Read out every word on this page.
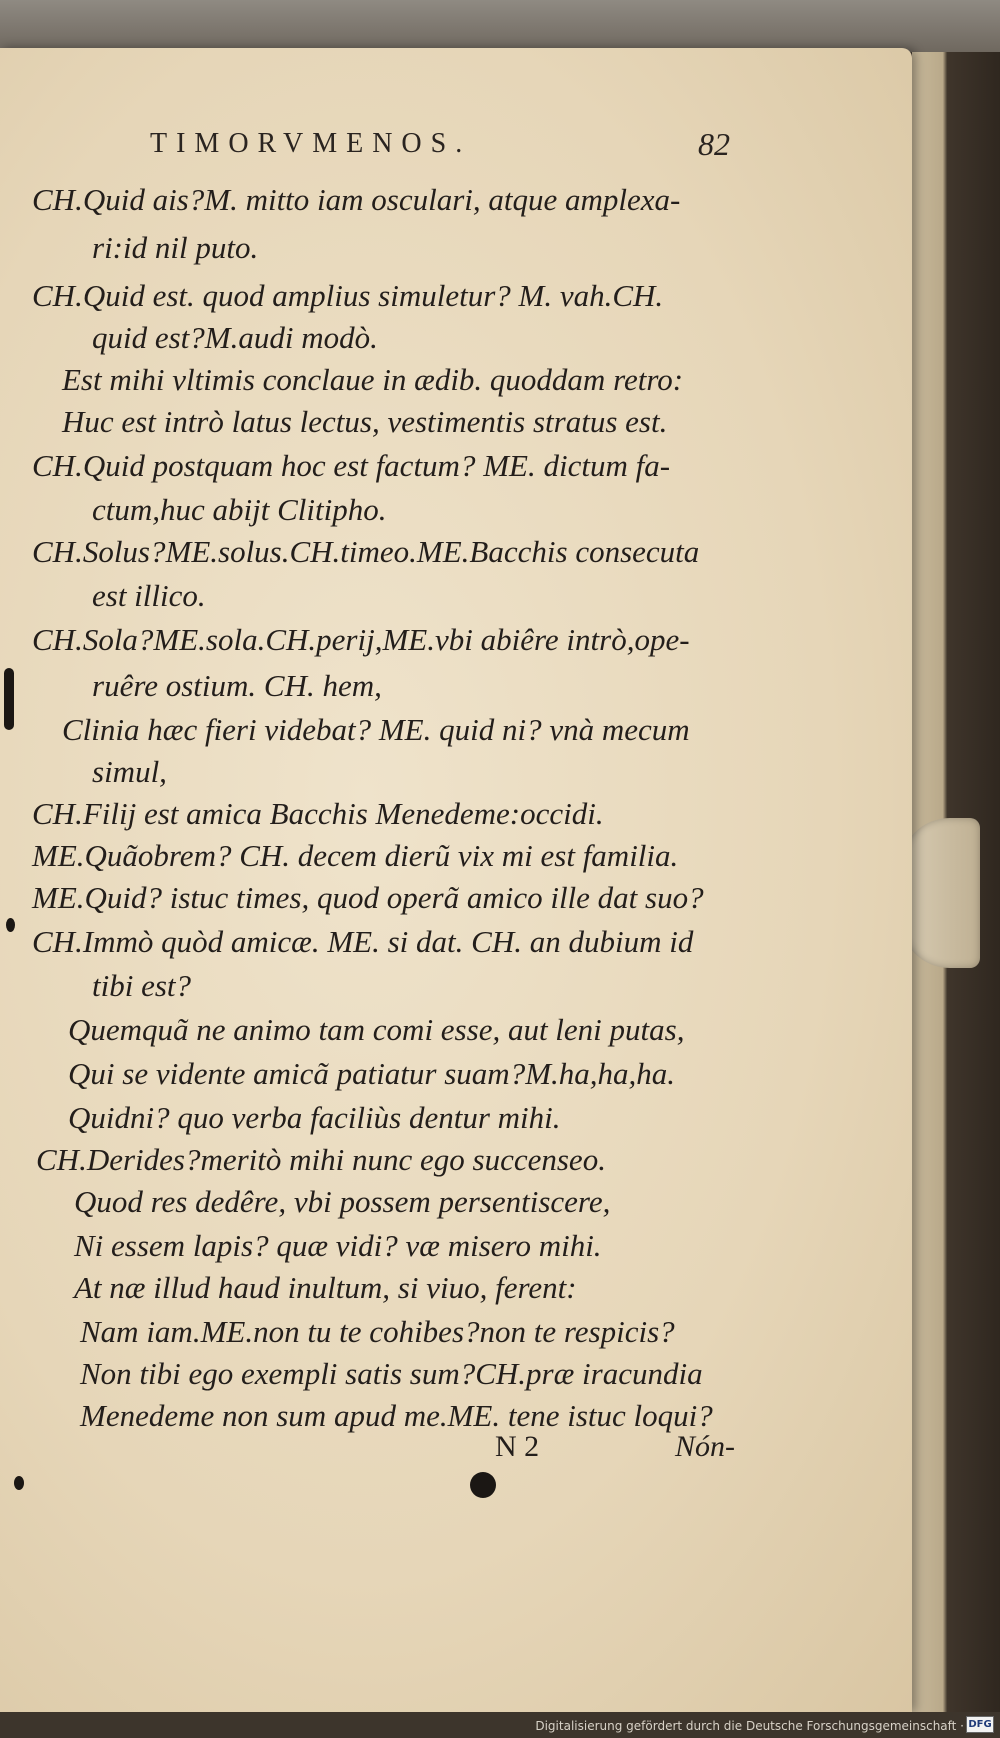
TIMORVMENOS.	82
CH.Quid ais?M. mitto iam osculari, atque amplexa-
ri:id nil puto.
CH.Quid est. quod amplius simuletur? M. vah.CH.
quid est?M.audi modò.
Est mihi vltimis conclaue in ædib. quoddam retro:
Huc est intrò latus lectus, vestimentis stratus est.
CH.Quid postquam hoc est factum? ME. dictum fa-
ctum,huc abijt Clitipho.
CH.Solus?ME.solus.CH.timeo.ME.Bacchis consecuta
est illico.
CH.Sola?ME.sola.CH.perij,ME.vbi abiêre intrò,ope-
ruêre ostium. CH. hem,
Clinia hæc fieri videbat? ME. quid ni? vnà mecum
simul,
CH.Filij est amica Bacchis Menedeme:occidi.
ME.Quãobrem? CH. decem dierũ vix mi est familia.
ME.Quid? istuc times, quod operã amico ille dat suo?
CH.Immò quòd amicæ. ME. si dat. CH. an dubium id
tibi est?
Quemquã ne animo tam comi esse, aut leni putas,
Qui se vidente amicã patiatur suam?M.ha,ha,ha.
Quidni? quo verba faciliùs dentur mihi.
CH.Derides?meritò mihi nunc ego succenseo.
Quod res dedêre, vbi possem persentiscere,
Ni essem lapis? quæ vidi? væ misero mihi.
At næ illud haud inultum, si viuo, ferent:
Nam iam.ME.non tu te cohibes?non te respicis?
Non tibi ego exempli satis sum?CH.præ iracundia
Menedeme non sum apud me.ME. tene istuc loqui?
N 2	Nón-
Digitalisierung gefördert durch die Deutsche Forschungsgemeinschaft · DFG
